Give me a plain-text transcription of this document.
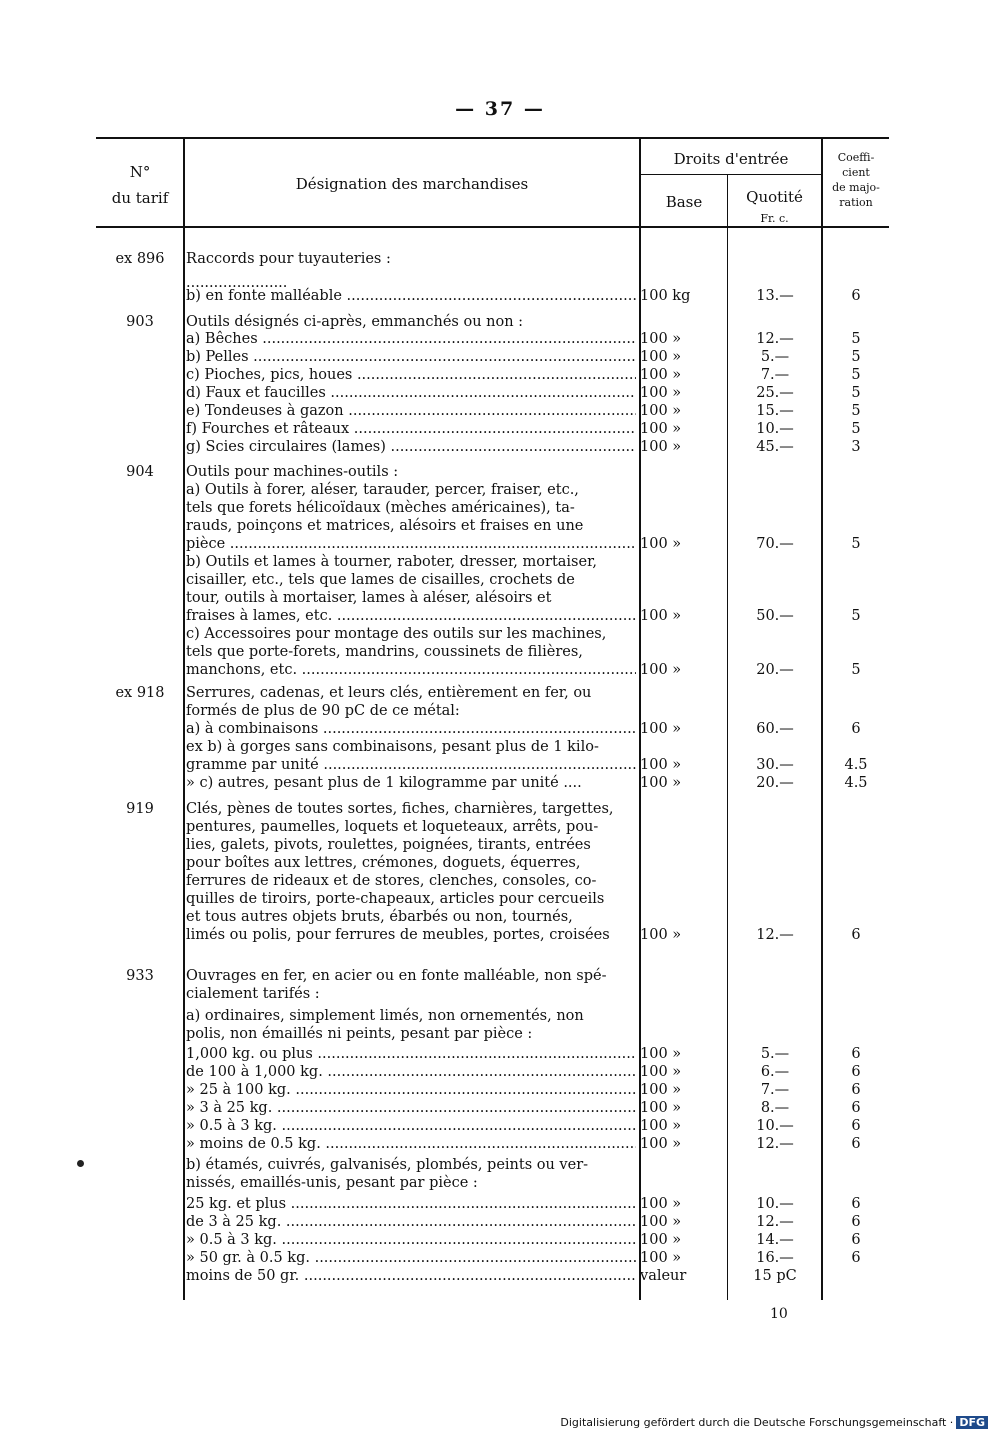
— 37 —
N°
du tarif
Désignation des marchandises
Droits d'entrée
Base	Quotité
Fr. c.
Coeffi-
cient
de majo-
ration
ex 896	Raccords pour tuyauteries :
......................
b) en fonte malléable .....	100 kg	13.—	6
903	Outils désignés ci-après, emmanchés ou non :
a) Bêches .....	100 »	12.—	5
b) Pelles .....	100 »	5.—	5
c) Pioches, pics, houes .....	100 »	7.—	5
d) Faux et faucilles .....	100 »	25.—	5
e) Tondeuses à gazon .....	100 »	15.—	5
f) Fourches et râteaux .....	100 »	10.—	5
g) Scies circulaires (lames) .....	100 »	45.—	3
904	Outils pour machines-outils :
a) Outils à forer, aléser, tarauder, percer, fraiser, etc.,
tels que forets hélicoïdaux (mèches américaines), ta-
rauds, poinçons et matrices, alésoirs et fraises en une
pièce .....	100 »	70.—	5
b) Outils et lames à tourner, raboter, dresser, mortaiser,
cisailler, etc., tels que lames de cisailles, crochets de
tour, outils à mortaiser, lames à aléser, alésoirs et
fraises à lames, etc. .....	100 »	50.—	5
c) Accessoires pour montage des outils sur les machines,
tels que porte-forets, mandrins, coussinets de filières,
manchons, etc. .....	100 »	20.—	5
ex 918	Serrures, cadenas, et leurs clés, entièrement en fer, ou
formés de plus de 90 pC de ce métal:
a) à combinaisons .....	100 »	60.—	6
ex b) à gorges sans combinaisons, pesant plus de 1 kilo-
gramme par unité .....	100 »	30.—	4.5
» c) autres, pesant plus de 1 kilogramme par unité ....	100 »	20.—	4.5
919	Clés, pènes de toutes sortes, fiches, charnières, targettes,
pentures, paumelles, loquets et loqueteaux, arrêts, pou-
lies, galets, pivots, roulettes, poignées, tirants, entrées
pour boîtes aux lettres, crémones, doguets, équerres,
ferrures de rideaux et de stores, clenches, consoles, co-
quilles de tiroirs, porte-chapeaux, articles pour cercueils
et tous autres objets bruts, ébarbés ou non, tournés,
limés ou polis, pour ferrures de meubles, portes, croisées	100 »	12.—	6
933	Ouvrages en fer, en acier ou en fonte malléable, non spé-
cialement tarifés :
a) ordinaires, simplement limés, non ornementés, non
polis, non émaillés ni peints, pesant par pièce :
1,000 kg. ou plus .....	100 »	5.—	6
de 100 à 1,000 kg. .....	100 »	6.—	6
» 25 à 100 kg. .....	100 »	7.—	6
» 3 à 25 kg. .....	100 »	8.—	6
» 0.5 à 3 kg. .....	100 »	10.—	6
» moins de 0.5 kg. .....	100 »	12.—	6
b) étamés, cuivrés, galvanisés, plombés, peints ou ver-
nissés, emaillés-unis, pesant par pièce :
25 kg. et plus .....	100 »	10.—	6
de 3 à 25 kg. .....	100 »	12.—	6
» 0.5 à 3 kg. .....	100 »	14.—	6
» 50 gr. à 0.5 kg. .....	100 »	16.—	6
moins de 50 gr. .....	valeur	15 pC
10
Digitalisierung gefördert durch die Deutsche Forschungsgemeinschaft · DFG
